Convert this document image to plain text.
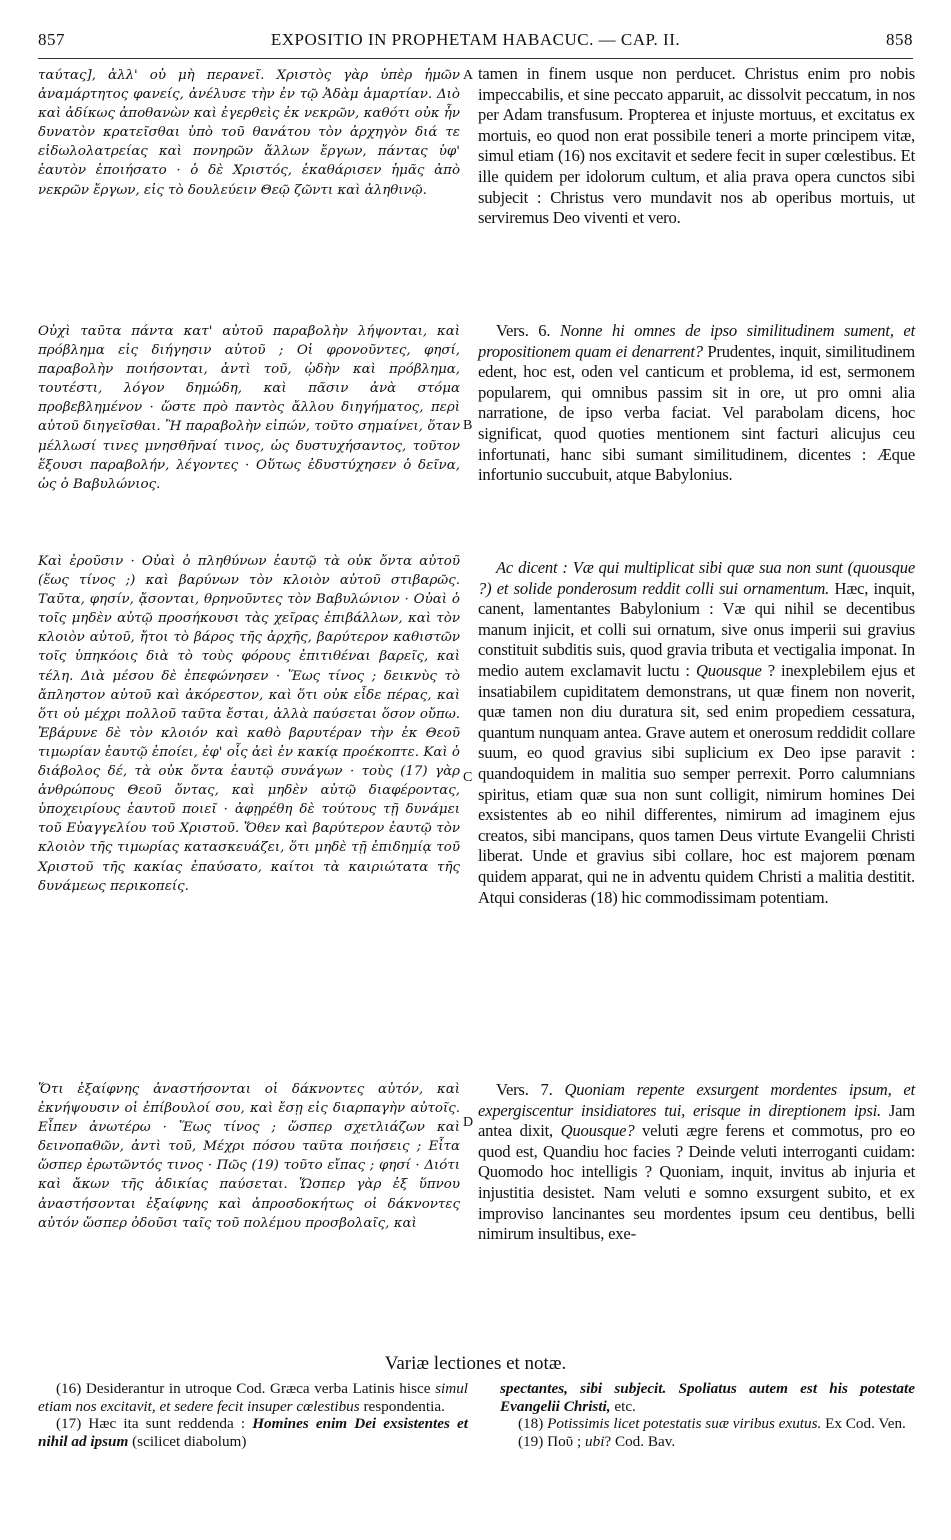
857	EXPOSITIO IN PROPHETAM HABACUC. — CAP. II.	858
A
B
C
D

ταύτας], ἀλλ' οὐ μὴ περανεῖ. Χριστὸς γὰρ ὑπὲρ ἡμῶν ἀναμάρτητος φανείς, ἀνέλυσε τὴν ἐν τῷ Ἀδὰμ ἁμαρτίαν. Διὸ καὶ ἀδίκως ἀποθανὼν καὶ ἐγερθεὶς ἐκ νεκρῶν, καθότι οὐκ ἦν δυνατὸν κρατεῖσθαι ὑπὸ τοῦ θανάτου τὸν ἀρχηγὸν διά τε εἰδωλολατρείας καὶ πονηρῶν ἄλλων ἔργων, πάντας ὑφ' ἑαυτὸν ἐποιήσατο · ὁ δὲ Χριστός, ἐκαθάρισεν ἡμᾶς ἀπὸ νεκρῶν ἔργων, εἰς τὸ δουλεύειν Θεῷ ζῶντι καὶ ἀληθινῷ.

Οὐχὶ ταῦτα πάντα κατ' αὐτοῦ παραβολὴν λήψονται, καὶ πρόβλημα εἰς διήγησιν αὐτοῦ ; Οἱ φρονοῦντες, φησί, παραβολὴν ποιήσονται, ἀντὶ τοῦ, ᾠδὴν καὶ πρόβλημα, τουτέστι, λόγον δημώδη, καὶ πᾶσιν ἀνὰ στόμα προβεβλημένον · ὥστε πρὸ παντὸς ἄλλου διηγήματος, περὶ αὐτοῦ διηγεῖσθαι. Ἢ παραβολὴν εἰπών, τοῦτο σημαίνει, ὅταν μέλλωσί τινες μνησθῆναί τινος, ὡς δυστυχήσαντος, τοῦτον ἕξουσι παραβολήν, λέγοντες · Οὕτως ἐδυστύχησεν ὁ δεῖνα, ὡς ὁ Βαβυλώνιος.

Καὶ ἐροῦσιν · Οὐαὶ ὁ πληθύνων ἑαυτῷ τὰ οὐκ ὄντα αὐτοῦ (ἕως τίνος ;) καὶ βαρύνων τὸν κλοιὸν αὐτοῦ στιβαρῶς. Ταῦτα, φησίν, ᾄσονται, θρηνοῦντες τὸν Βαβυλώνιον · Οὐαὶ ὁ τοῖς μηδὲν αὐτῷ προσήκουσι τὰς χεῖρας ἐπιβάλλων, καὶ τὸν κλοιὸν αὐτοῦ, ἤτοι τὸ βάρος τῆς ἀρχῆς, βαρύτερον καθιστῶν τοῖς ὑπηκόοις διὰ τὸ τοὺς φόρους ἐπιτιθέναι βαρεῖς, καὶ τέλη. Διὰ μέσου δὲ ἐπεφώνησεν · Ἕως τίνος ; δεικνὺς τὸ ἄπληστον αὐτοῦ καὶ ἀκόρεστον, καὶ ὅτι οὐκ εἶδε πέρας, καὶ ὅτι οὐ μέχρι πολλοῦ ταῦτα ἔσται, ἀλλὰ παύσεται ὅσον οὔπω. Ἐβάρυνε δὲ τὸν κλοιόν καὶ καθὸ βαρυτέραν τὴν ἐκ Θεοῦ τιμωρίαν ἑαυτῷ ἐποίει, ἐφ' οἷς ἀεὶ ἐν κακίᾳ προέκοπτε. Καὶ ὁ διάβολος δέ, τὰ οὐκ ὄντα ἑαυτῷ συνάγων · τοὺς (17) γὰρ ἀνθρώπους Θεοῦ ὄντας, καὶ μηδὲν αὐτῷ διαφέροντας, ὑποχειρίους ἑαυτοῦ ποιεῖ · ἀφῃρέθη δὲ τούτους τῇ δυνάμει τοῦ Εὐαγγελίου τοῦ Χριστοῦ. Ὅθεν καὶ βαρύτερον ἑαυτῷ τὸν κλοιὸν τῆς τιμωρίας κατασκευάζει, ὅτι μηδὲ τῇ ἐπιδημίᾳ τοῦ Χριστοῦ τῆς κακίας ἐπαύσατο, καίτοι τὰ καιριώτατα τῆς δυνάμεως περικοπείς.

Ὅτι ἐξαίφνης ἀναστήσονται οἱ δάκνοντες αὐτόν, καὶ ἐκνήψουσιν οἱ ἐπίβουλοί σου, καὶ ἔσῃ εἰς διαρπαγὴν αὐτοῖς. Εἶπεν ἀνωτέρω · Ἕως τίνος ; ὥσπερ σχετλιάζων καὶ δεινοπαθῶν, ἀντὶ τοῦ, Μέχρι πόσου ταῦτα ποιήσεις ; Εἶτα ὥσπερ ἐρωτῶντός τινος · Πῶς (19) τοῦτο εἴπας ; φησί · Διότι καὶ ἄκων τῆς ἀδικίας παύσεται. Ὥσπερ γὰρ ἐξ ὕπνου ἀναστήσονται ἐξαίφνης καὶ ἀπροσδοκήτως οἱ δάκνοντες αὐτόν ὥσπερ ὀδοῦσι ταῖς τοῦ πολέμου προσβολαῖς, καὶ

tamen in finem usque non perducet. Christus enim pro nobis impeccabilis, et sine peccato apparuit, ac dissolvit peccatum, in nos per Adam transfusum. Propterea et injuste mortuus, et excitatus ex mortuis, eo quod non erat possibile teneri a morte principem vitæ, simul etiam (16) nos excitavit et sedere fecit in super cœlestibus. Et ille quidem per idolorum cultum, et alia prava opera cunctos sibi subjecit : Christus vero mundavit nos ab operibus mortuis, ut serviremus Deo viventi et vero.

Vers. 6. Nonne hi omnes de ipso similitudinem sument, et propositionem quam ei denarrent? Prudentes, inquit, similitudinem edent, hoc est, oden vel canticum et problema, id est, sermonem popularem, qui omnibus passim sit in ore, ut pro omni alia narratione, de ipso verba faciat. Vel parabolam dicens, hoc significat, quod quoties mentionem sint facturi alicujus ceu infortunati, hanc sibi sumant similitudinem, dicentes : Æque infortunio succubuit, atque Babylonius.

Ac dicent : Væ qui multiplicat sibi quæ sua non sunt (quousque ?) et solide ponderosum reddit colli sui ornamentum. Hæc, inquit, canent, lamentantes Babylonium : Væ qui nihil se decentibus manum injicit, et colli sui ornatum, sive onus imperii sui gravius constituit subditis suis, quod gravia tributa et vectigalia imponat. In medio autem exclamavit luctu : Quousque ? inexplebilem ejus et insatiabilem cupiditatem demonstrans, ut quæ finem non noverit, quæ tamen non diu duratura sit, sed enim propediem cessatura, quantum nunquam antea. Grave autem et onerosum reddidit collare suum, eo quod gravius sibi suplicium ex Deo ipse paravit : quandoquidem in malitia suo semper perrexit. Porro calumnians spiritus, etiam quæ sua non sunt colligit, nimirum homines Dei exsistentes ab eo nihil differentes, nimirum ad imaginem ejus creatos, sibi mancipans, quos tamen Deus virtute Evangelii Christi liberat. Unde et gravius sibi collare, hoc est majorem pœnam quidem apparat, qui ne in adventu quidem Christi a malitia destitit. Atqui consideras (18) hic commodissimam potentiam.

Vers. 7. Quoniam repente exsurgent mordentes ipsum, et expergiscentur insidiatores tui, erisque in direptionem ipsi. Jam antea dixit, Quousque? veluti ægre ferens et commotus, pro eo quod est, Quandiu hoc facies ? Deinde veluti interroganti cuidam: Quomodo hoc intelligis ? Quoniam, inquit, invitus ab injuria et injustitia desistet. Nam veluti e somno exsurgent subito, et ex improviso lancinantes seu mordentes ipsum ceu dentibus, belli nimirum insultibus, exe-

Variæ lectiones et notæ.
(16) Desiderantur in utroque Cod. Græca verba Latinis hisce simul etiam nos excitavit, et sedere fecit insuper cœlestibus respondentia.
(17) Hæc ita sunt reddenda : Homines enim Dei exsistentes et nihil ad ipsum (scilicet diabolum)
spectantes, sibi subjecit. Spoliatus autem est his potestate Evangelii Christi, etc.
(18) Potissimis licet potestatis suæ viribus exutus. Ex Cod. Ven.
(19) Ποῦ ; ubi? Cod. Bav.
